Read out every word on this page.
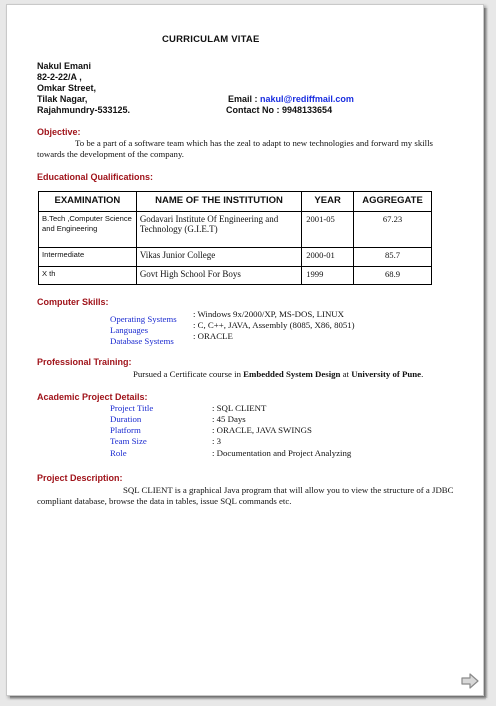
CURRICULAM VITAE
Nakul Emani
82-2-22/A ,
Omkar Street,
Tilak Nagar,
Rajahmundry-533125.
Email : nakul@rediffmail.com
Contact No : 9948133654
Objective:
To be a part of a software team which has the zeal to adapt to new technologies and forward my skills towards the development of the company.
Educational Qualifications:
EXAMINATION	NAME OF THE INSTITUTION	YEAR	AGGREGATE
B.Tech ,Computer Science and Engineering	Godavari Institute Of Engineering and Technology (G.I.E.T)	2001-05	67.23
Intermediate	Vikas Junior College	2000-01	85.7
X th	Govt High School For Boys	1999	68.9
Computer Skills:
Operating Systems : Windows 9x/2000/XP, MS-DOS, LINUX
Languages	: C, C++, JAVA, Assembly (8085, X86, 8051)
Database Systems : ORACLE
Professional Training:
Pursued a Certificate course in Embedded System Design at University of Pune.
Academic Project Details:
Project Title	: SQL CLIENT
Duration	: 45 Days
Platform	: ORACLE, JAVA SWINGS
Team Size	: 3
Role	: Documentation and Project Analyzing
Project Description:
SQL CLIENT is a graphical Java program that will allow you to view the structure of a JDBC compliant database, browse the data in tables, issue SQL commands etc.
